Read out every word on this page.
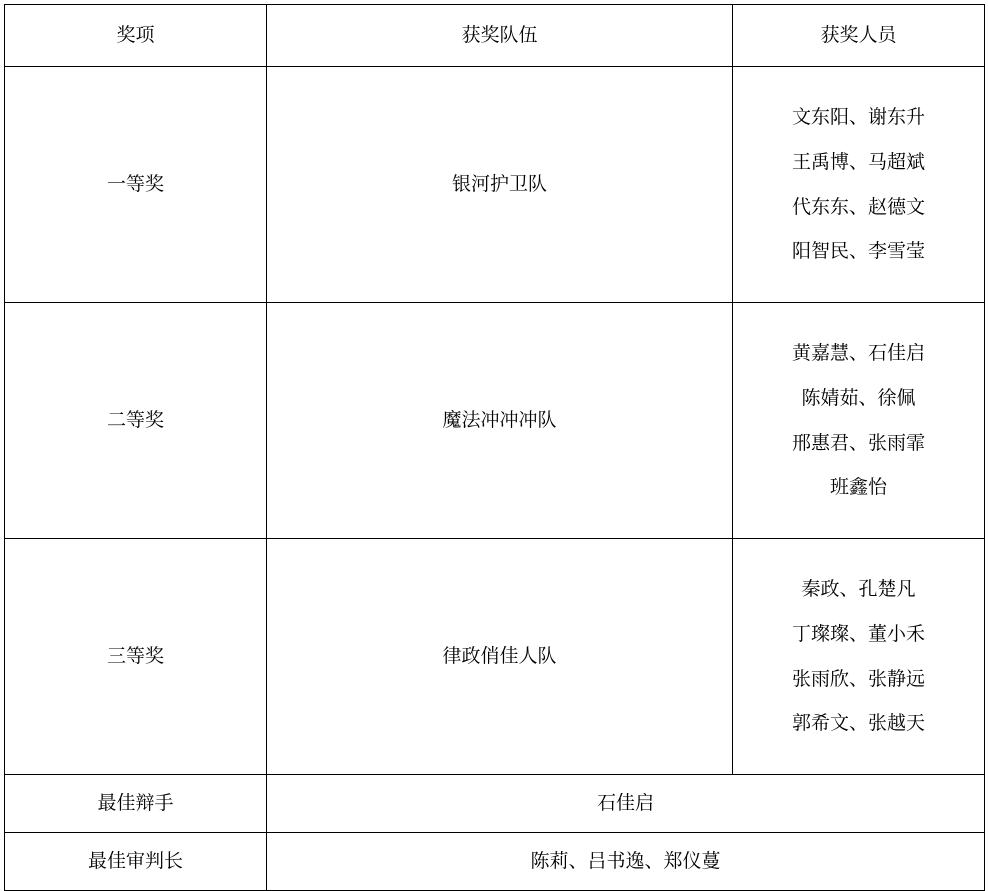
奖项	获奖队伍	获奖人员
一等奖	银河护卫队	文东阳、谢东升
王禹博、马超斌
代东东、赵德文
阳智民、李雪莹

二等奖	魔法冲冲冲队	黄嘉慧、石佳启
陈婧茹、徐佩
邢惠君、张雨霏
班鑫怡

三等奖	律政俏佳人队	秦政、孔楚凡
丁璨璨、董小禾
张雨欣、张静远
郭希文、张越天

最佳辩手	石佳启	
最佳审判长	陈莉、吕书逸、郑仪蔓	
